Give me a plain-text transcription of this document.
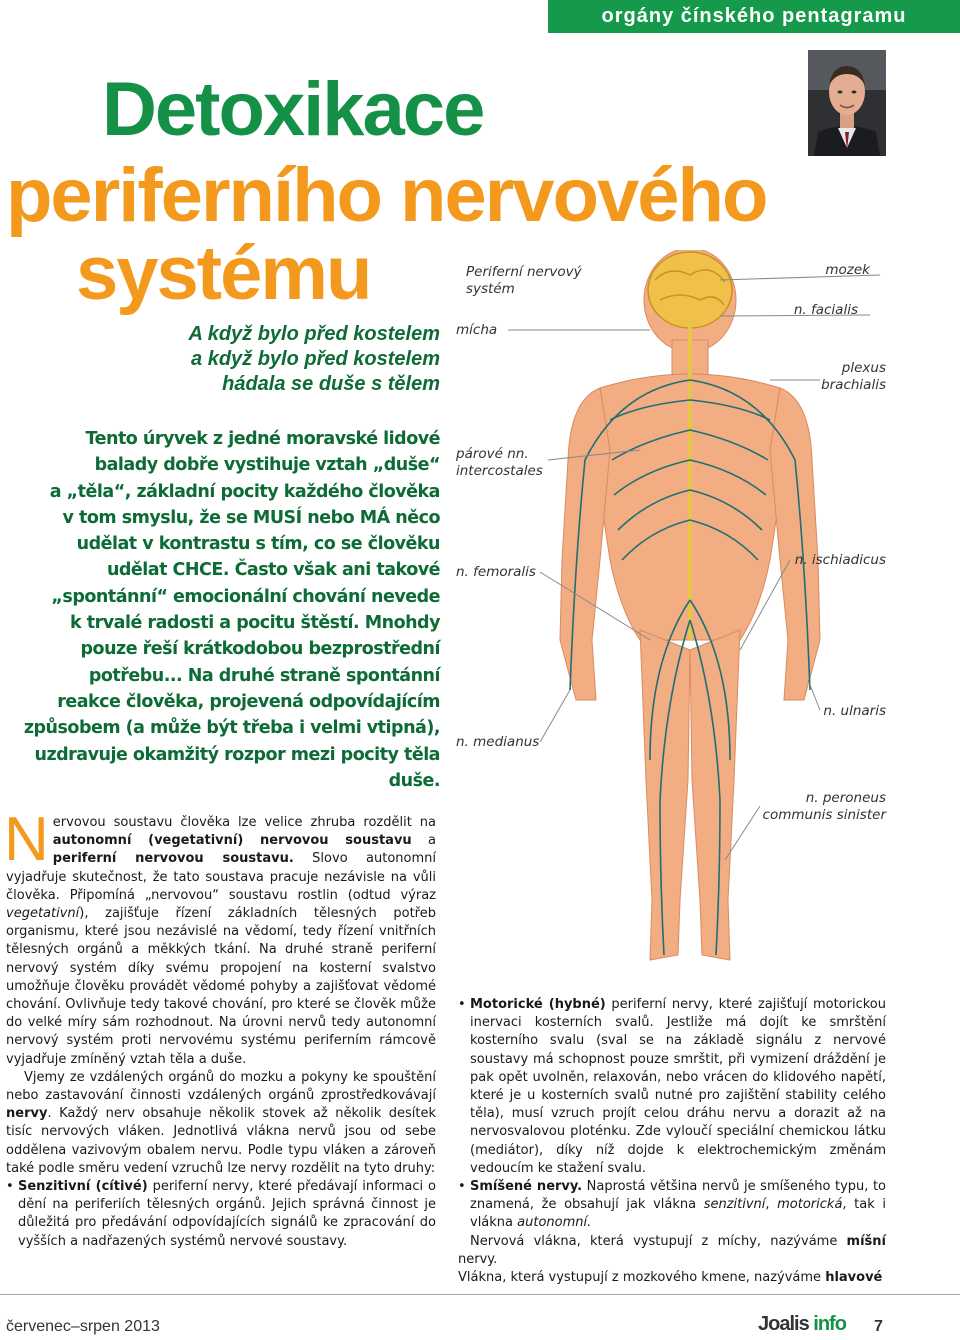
orgány čínského pentagramu
Detoxikace
periferního nervového
systému
A když bylo před kostelem
a když bylo před kostelem
hádala se duše s tělem
Tento úryvek z jedné moravské lidové
balady dobře vystihuje vztah „duše“
a „těla“, základní pocity každého člověka
v tom smyslu, že se MUSÍ nebo MÁ něco
udělat v kontrastu s tím, co se člověku
udělat CHCE. Často však ani takové
„spontánní“ emocionální chování nevede
k trvalé radosti a pocitu štěstí. Mnohdy
pouze řeší krátkodobou bezprostřední
potřebu... Na druhé straně spontánní
reakce člověka, projevená odpovídajícím
způsobem (a může být třeba i velmi vtipná),
uzdravuje okamžitý rozpor mezi pocity těla
duše.
Periferní nervový systém
mícha
mozek
n. facialis
plexus brachialis
párové nn. intercostales
n. femoralis
n. ischiadicus
n. ulnaris
n. medianus
n. peroneus communis sinister

Nervovou soustavu člověka lze velice zhruba rozdělit na autonomní (vegetativní) nervovou soustavu a periferní nervovou soustavu. Slovo autonomní vyjadřuje skutečnost, že tato soustava pracuje nezávisle na vůli člověka. Připomíná „nervovou“ soustavu rostlin (odtud výraz vegetativní), zajišťuje řízení základních tělesných potřeb organismu, které jsou nezávislé na vědomí, tedy řízení vnitřních tělesných orgánů a měkkých tkání. Na druhé straně periferní nervový systém díky svému propojení na kosterní svalstvo umožňuje člověku provádět vědomé pohyby a zajišťovat vědomé chování. Ovlivňuje tedy takové chování, pro které se člověk může do velké míry sám rozhodnout. Na úrovni nervů tedy autonomní nervový systém proti nervovému systému periferním rámcově vyjadřuje zmíněný vztah těla a duše.

Vjemy ze vzdálených orgánů do mozku a pokyny ke spouštění nebo zastavování činnosti vzdálených orgánů zprostředkovávají nervy. Každý nerv obsahuje několik stovek až několik desítek tisíc nervových vláken. Jednotlivá vlákna nervů jsou od sebe oddělena vazivovým obalem nervu. Podle typu vláken a zároveň také podle směru vedení vzruchů lze nervy rozdělit na tyto druhy:

• Senzitivní (cítivé) periferní nervy, které předávají informaci o dění na periferiích tělesných orgánů. Jejich správná činnost je důležitá pro předávání odpovídajících signálů ke zpracování do vyšších a nadřazených systémů nervové soustavy.
• Motorické (hybné) periferní nervy, které zajišťují motorickou inervaci kosterních svalů. Jestliže má dojít ke smrštění kosterního svalu (sval se na základě signálu z nervové soustavy má schopnost pouze smrštit, při vymizení dráždění je pak opět uvolněn, relaxován, nebo vrácen do klidového napětí, které je u kosterních svalů nutné pro zajištění stability celého těla), musí vzruch projít celou dráhu nervu a dorazit až na nervosvalovou ploténku. Zde vyloučí speciální chemickou látku (mediátor), díky níž dojde k elektrochemickým změnám vedoucím ke stažení svalu.
• Smíšené nervy. Naprostá většina nervů je smíšeného typu, to znamená, že obsahují jak vlákna senzitivní, motorická, tak i vlákna autonomní.

Nervová vlákna, která vystupují z míchy, nazýváme míšní nervy.

Vlákna, která vystupují z mozkového kmene, nazýváme hlavové

červenec–srpen 2013	Joalis info 7
